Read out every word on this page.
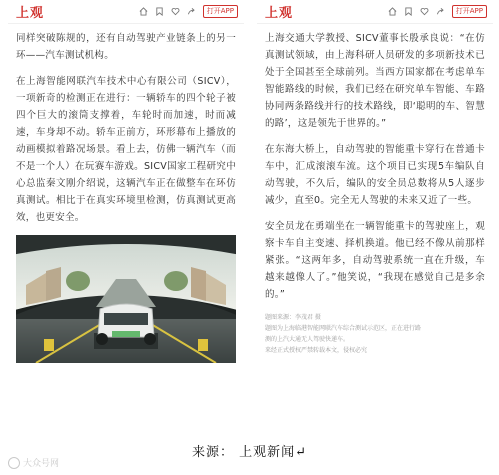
上观	打开APP

同样突破陈规的，还有自动驾驶产业链条上的另一环——汽车测试机构。

在上海智能网联汽车技术中心有限公司（SICV），一项新奇的检测正在进行：一辆轿车的四个轮子被四个巨大的滚筒支撑着，车轮时而加速，时而减速，车身却不动。轿车正前方，环形幕布上播放的动画模拟着路况场景。看上去，仿佛一辆汽车（而不是一个人）在玩赛车游戏。SICV国家工程研究中心总监秦文刚介绍说，这辆汽车正在做整车在环仿真测试。相比于在真实环境里检测，仿真测试更高效，也更安全。

上观	打开APP

上海交通大学教授、SICV董事长殷承良说：“在仿真测试领域，由上海科研人员研发的多项新技术已处于全国甚至全球前列。当西方国家都在考虑单车智能路线的时候，我们已经在研究单车智能、车路协同两条路线并行的技术路线，即‘聪明的车、智慧的路’，这是领先于世界的。”

在东海大桥上，自动驾驶的智能重卡穿行在普通卡车中，汇成滚滚车流。这个项目已实现5车编队自动驾驶，不久后，编队的安全员总数将从5人逐步减少，直至0。完全无人驾驶的未来又近了一些。

安全员龙在勇端坐在一辆智能重卡的驾驶座上，观察卡车自主变速、择机换道。他已经不像从前那样紧张。“这两年多，自动驾驶系统一直在升级，车越来越像人了。”他笑说，“我现在感觉自己是多余的。”

题图来源：李茂君 摄
题图为上海临港智能网联汽车综合测试示范区，正在进行路
测的上汽大通无人驾驶快递车。
来经正式授权严禁转载本文，侵权必究
来源： 上观新闻↵
大众号网
